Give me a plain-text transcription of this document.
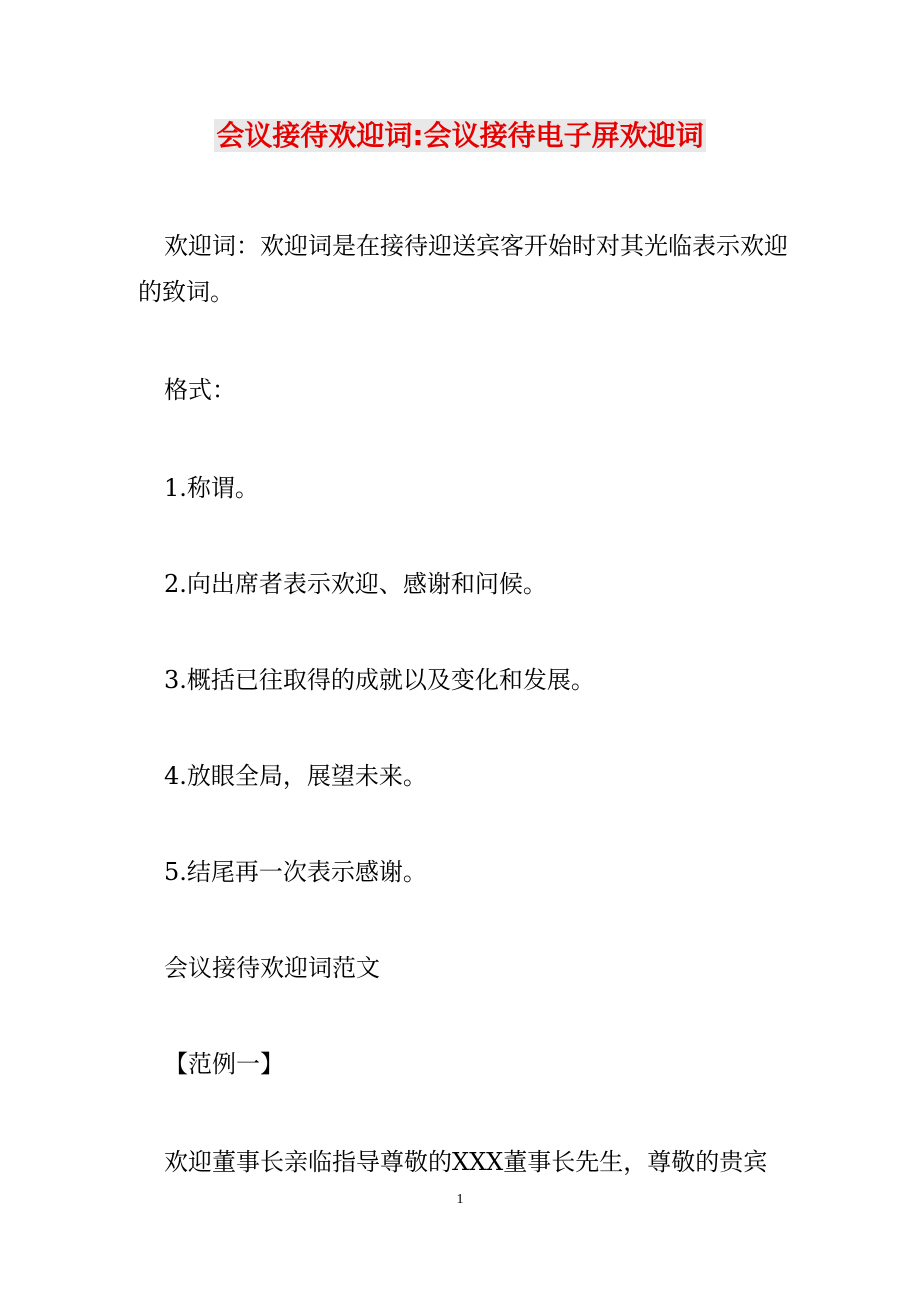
会议接待欢迎词:会议接待电子屏欢迎词

欢迎词：欢迎词是在接待迎送宾客开始时对其光临表示欢迎的致词。

格式：

1.称谓。

2.向出席者表示欢迎、感谢和问候。

3.概括已往取得的成就以及变化和发展。

4.放眼全局，展望未来。

5.结尾再一次表示感谢。

会议接待欢迎词范文

【范例一】

欢迎董事长亲临指导尊敬的XXX董事长先生，尊敬的贵宾

1
